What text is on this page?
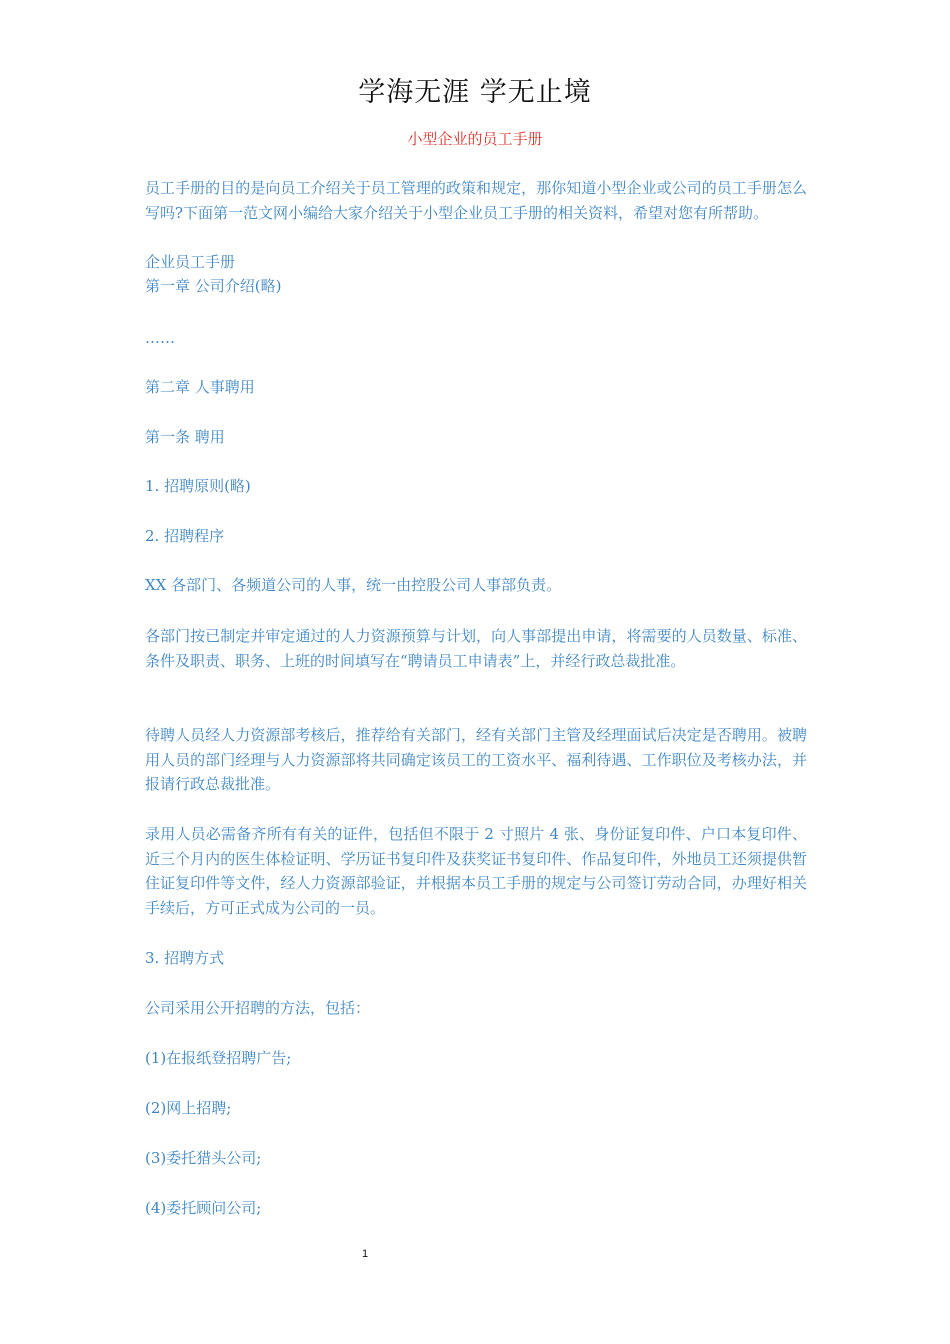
学海无涯 学无止境
小型企业的员工手册
员工手册的目的是向员工介绍关于员工管理的政策和规定，那你知道小型企业或公司的员工手册怎么写吗?下面第一范文网小编给大家介绍关于小型企业员工手册的相关资料，希望对您有所帮助。
企业员工手册
第一章 公司介绍(略)
……
第二章 人事聘用
第一条 聘用
1. 招聘原则(略)
2. 招聘程序
XX 各部门、各频道公司的人事，统一由控股公司人事部负责。
各部门按已制定并审定通过的人力资源预算与计划，向人事部提出申请，将需要的人员数量、标准、条件及职责、职务、上班的时间填写在“聘请员工申请表”上，并经行政总裁批准。
待聘人员经人力资源部考核后，推荐给有关部门，经有关部门主管及经理面试后决定是否聘用。被聘用人员的部门经理与人力资源部将共同确定该员工的工资水平、福利待遇、工作职位及考核办法，并报请行政总裁批准。
录用人员必需备齐所有有关的证件，包括但不限于 2 寸照片 4 张、身份证复印件、户口本复印件、近三个月内的医生体检证明、学历证书复印件及获奖证书复印件、作品复印件，外地员工还须提供暂住证复印件等文件，经人力资源部验证，并根据本员工手册的规定与公司签订劳动合同，办理好相关手续后，方可正式成为公司的一员。
3. 招聘方式
公司采用公开招聘的方法，包括：
(1)在报纸登招聘广告;
(2)网上招聘;
(3)委托猎头公司;
(4)委托顾问公司;
1
